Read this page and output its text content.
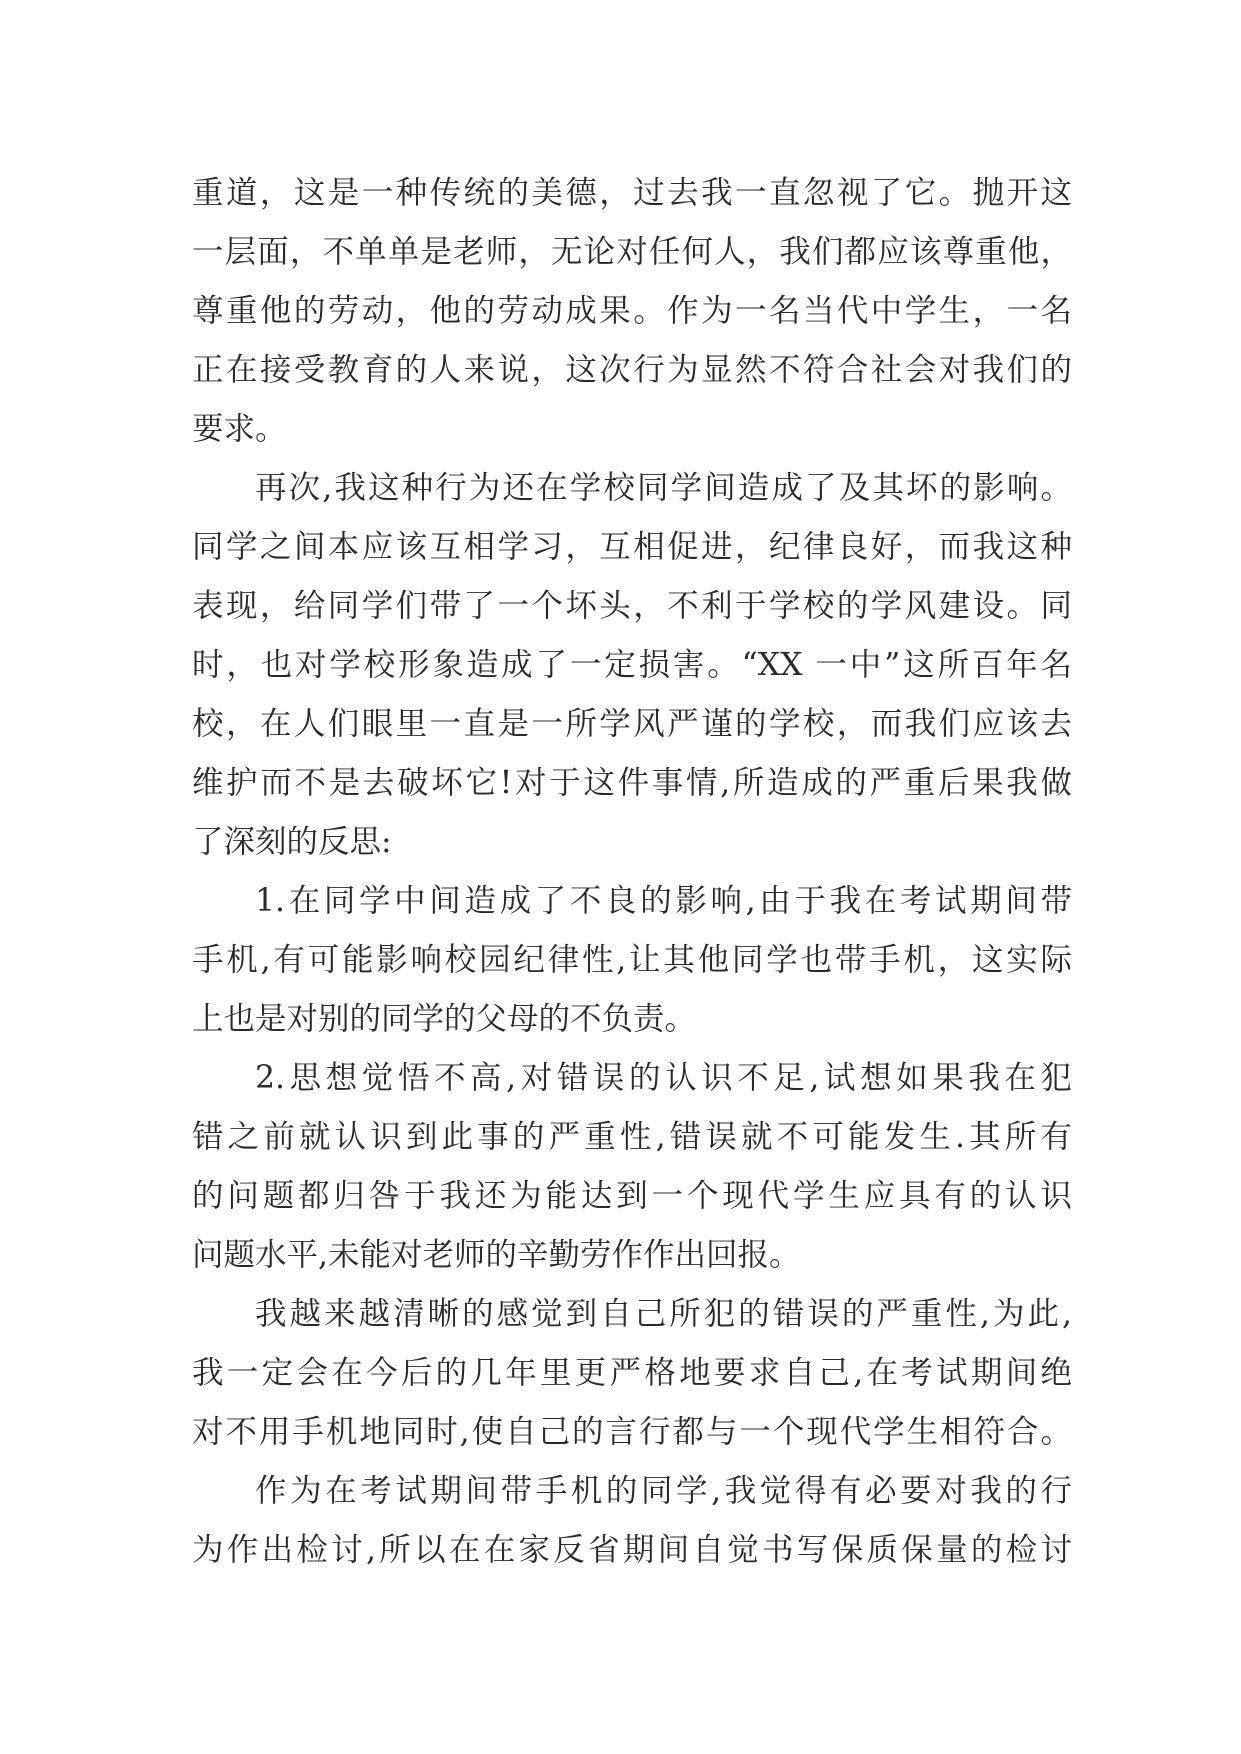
重道，这是一种传统的美德，过去我一直忽视了它。抛开这
一层面，不单单是老师，无论对任何人，我们都应该尊重他，
尊重他的劳动，他的劳动成果。作为一名当代中学生，一名
正在接受教育的人来说，这次行为显然不符合社会对我们的
要求。
再次,我这种行为还在学校同学间造成了及其坏的影响。
同学之间本应该互相学习，互相促进，纪律良好，而我这种
表现，给同学们带了一个坏头，不利于学校的学风建设。同
时，也对学校形象造成了一定损害。“XX 一中”这所百年名
校，在人们眼里一直是一所学风严谨的学校，而我们应该去
维护而不是去破坏它!对于这件事情,所造成的严重后果我做
了深刻的反思:
1.在同学中间造成了不良的影响,由于我在考试期间带
手机,有可能影响校园纪律性,让其他同学也带手机，这实际
上也是对别的同学的父母的不负责。
2.思想觉悟不高,对错误的认识不足,试想如果我在犯
错之前就认识到此事的严重性,错误就不可能发生.其所有
的问题都归咎于我还为能达到一个现代学生应具有的认识
问题水平,未能对老师的辛勤劳作作出回报。
我越来越清晰的感觉到自己所犯的错误的严重性,为此,
我一定会在今后的几年里更严格地要求自己,在考试期间绝
对不用手机地同时,使自己的言行都与一个现代学生相符合。
作为在考试期间带手机的同学,我觉得有必要对我的行
为作出检讨,所以在在家反省期间自觉书写保质保量的检讨
